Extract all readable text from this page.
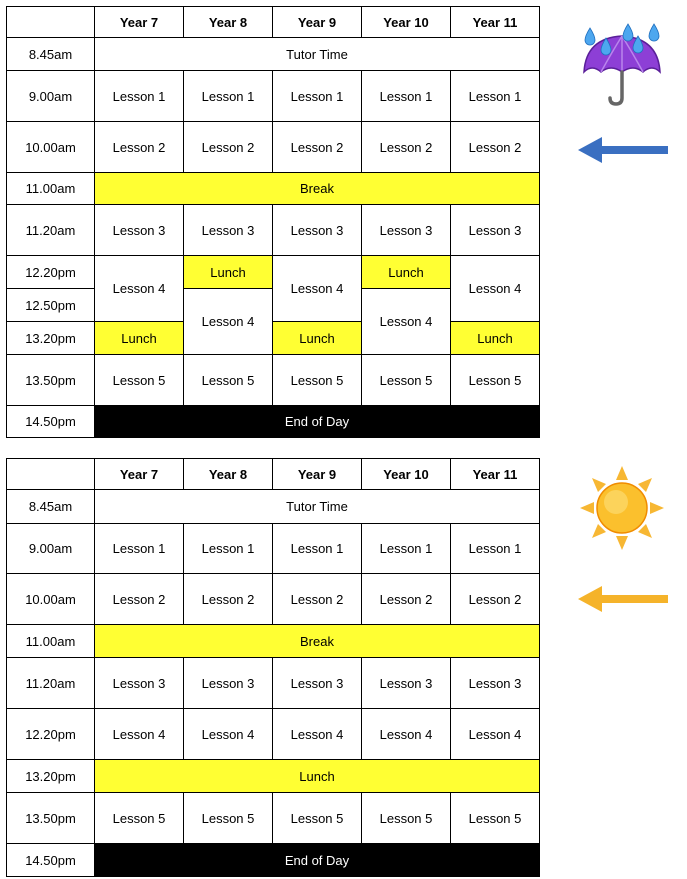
	Year 7	Year 8	Year 9	Year 10	Year 11
8.45am	Tutor Time				
9.00am	Lesson 1	Lesson 1	Lesson 1	Lesson 1	Lesson 1
10.00am	Lesson 2	Lesson 2	Lesson 2	Lesson 2	Lesson 2
11.00am	Break				
11.20am	Lesson 3	Lesson 3	Lesson 3	Lesson 3	Lesson 3
12.20pm	Lesson 4	Lunch	Lesson 4	Lunch	Lesson 4
12.50pm		Lesson 4		Lesson 4	
13.20pm	Lunch		Lunch		Lunch
13.50pm	Lesson 5	Lesson 5	Lesson 5	Lesson 5	Lesson 5
14.50pm	End of Day				
	Year 7	Year 8	Year 9	Year 10	Year 11
8.45am	Tutor Time				
9.00am	Lesson 1	Lesson 1	Lesson 1	Lesson 1	Lesson 1
10.00am	Lesson 2	Lesson 2	Lesson 2	Lesson 2	Lesson 2
11.00am	Break				
11.20am	Lesson 3	Lesson 3	Lesson 3	Lesson 3	Lesson 3
12.20pm	Lesson 4	Lesson 4	Lesson 4	Lesson 4	Lesson 4
13.20pm	Lunch				
13.50pm	Lesson 5	Lesson 5	Lesson 5	Lesson 5	Lesson 5
14.50pm	End of Day				
